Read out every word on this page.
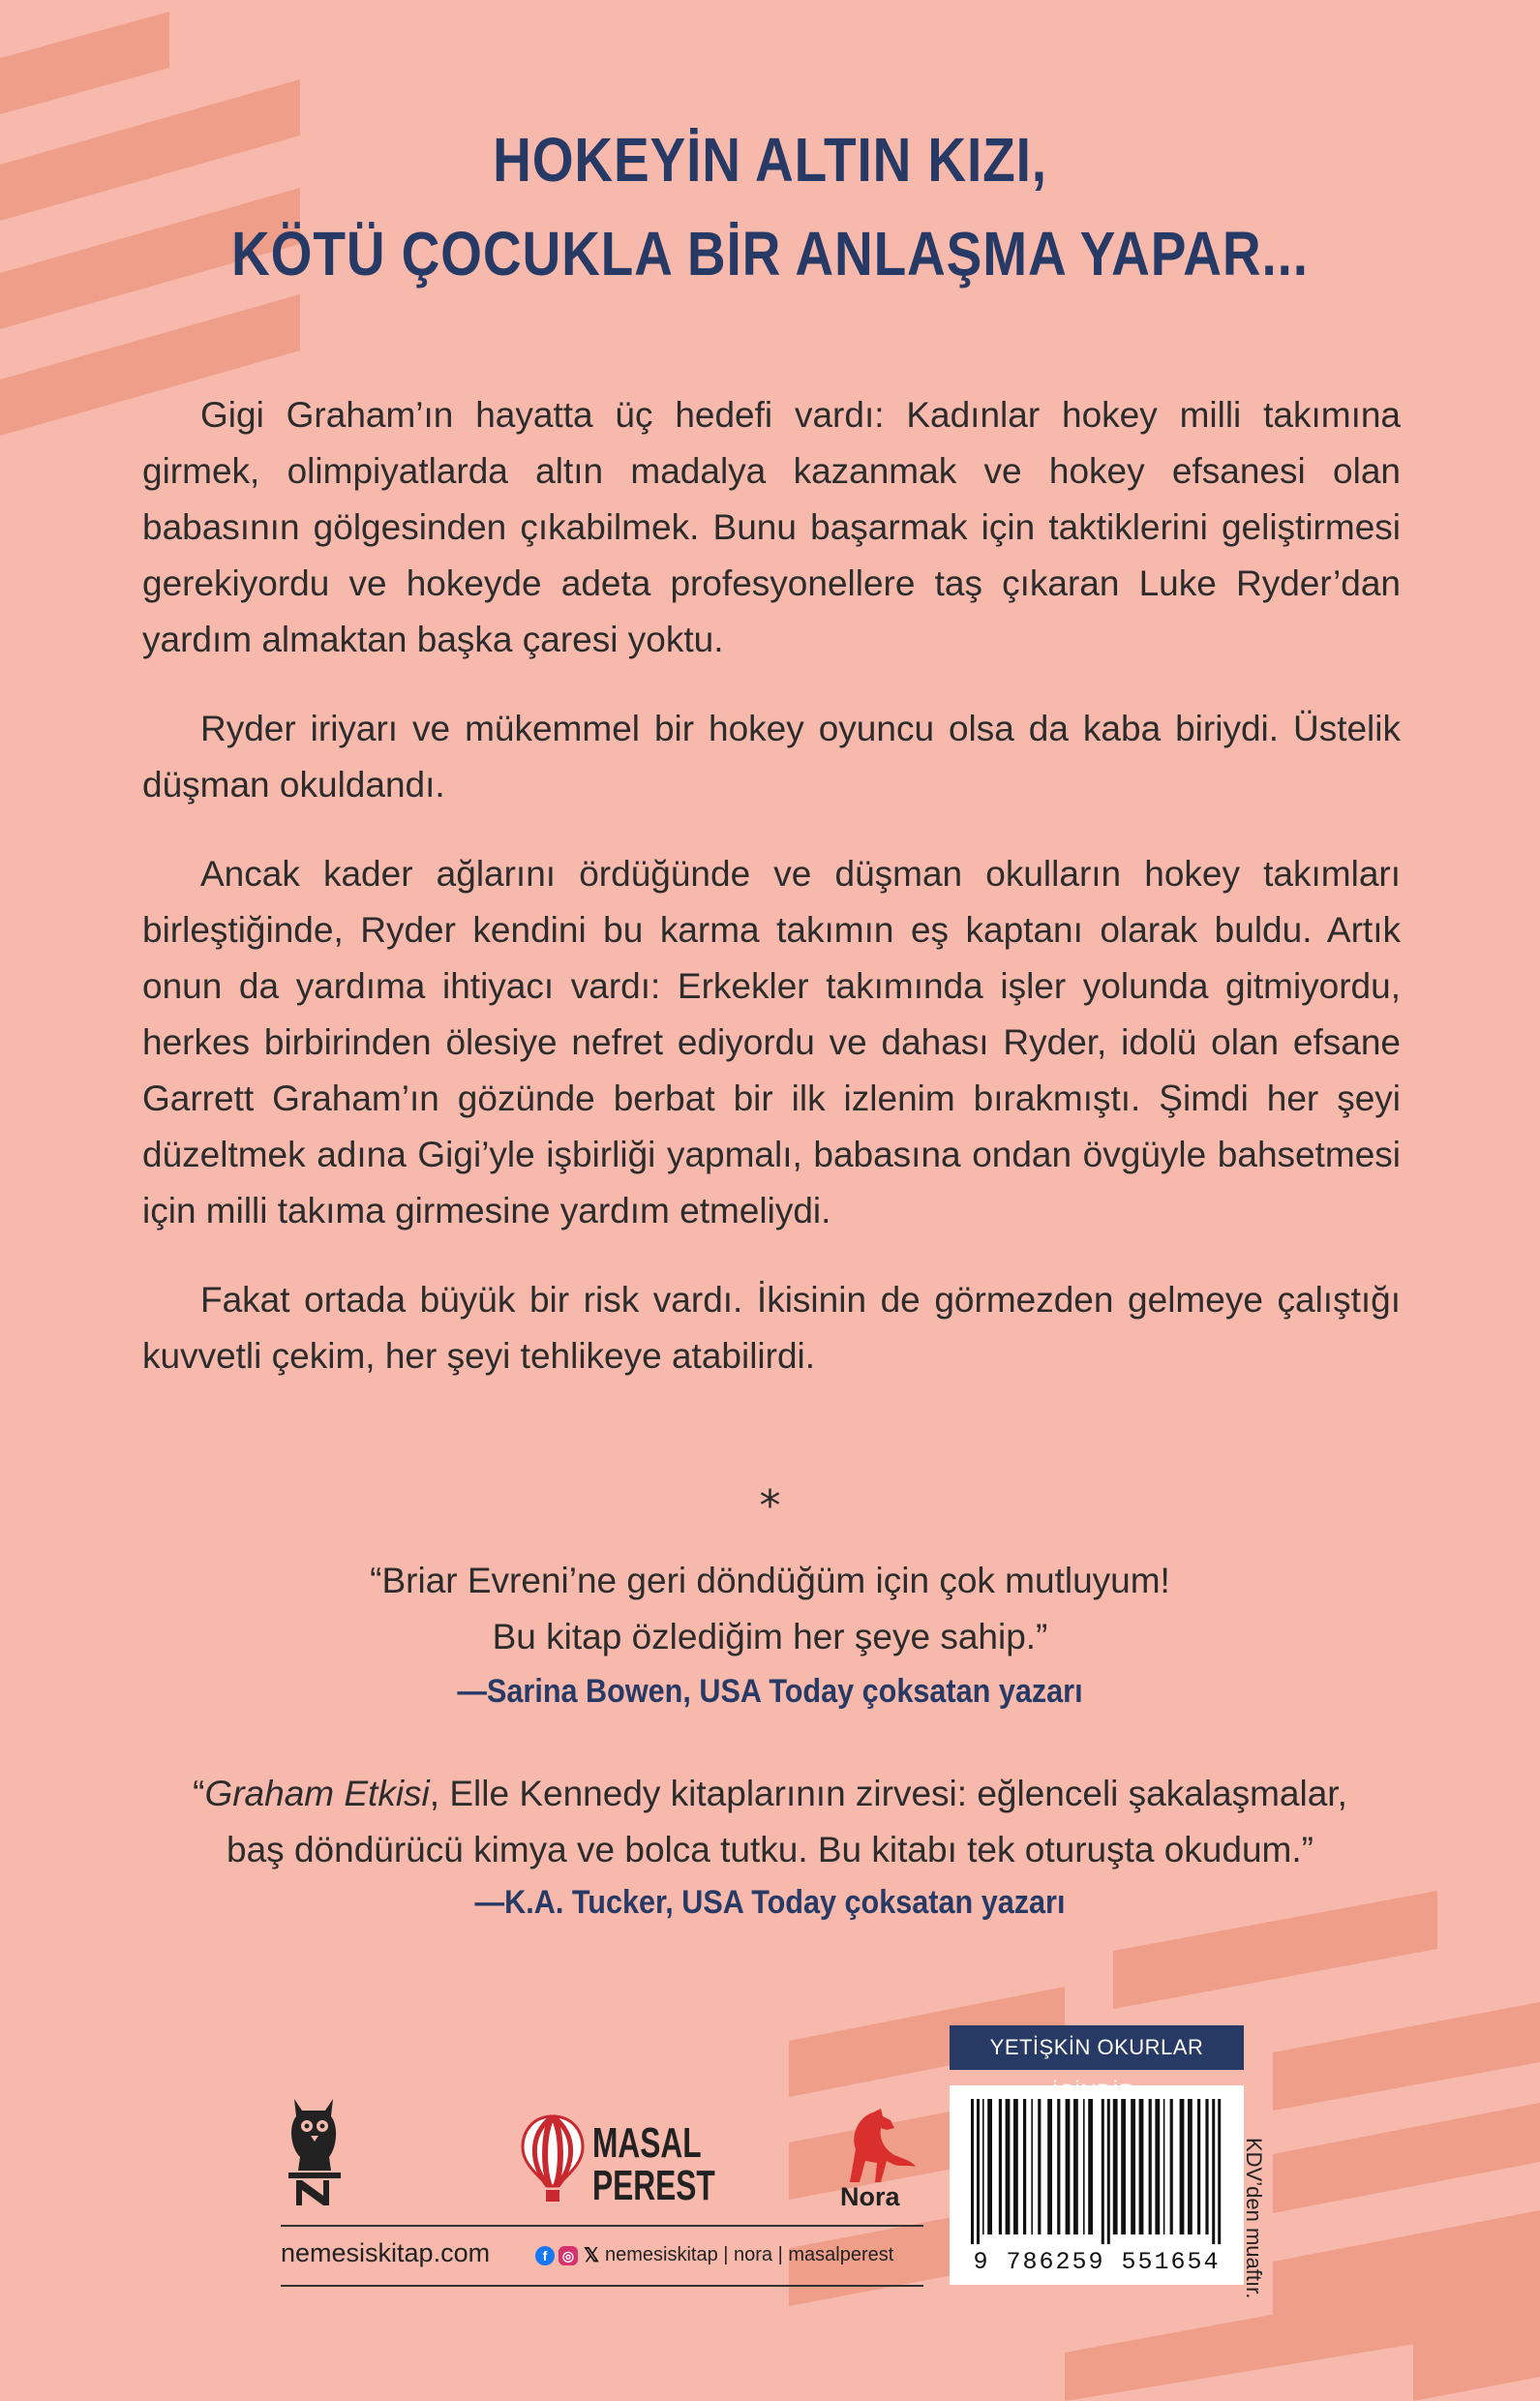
HOKEYİN ALTIN KIZI,
KÖTÜ ÇOCUKLA BİR ANLAŞMA YAPAR...

Gigi Graham’ın hayatta üç hedefi vardı: Kadınlar hokey milli takımına girmek, olimpiyatlarda altın madalya kazanmak ve hokey efsanesi olan babasının gölgesinden çıkabilmek. Bunu başarmak için taktiklerini geliştirmesi gerekiyordu ve hokeyde adeta profesyonellere taş çıkaran Luke Ryder’dan yardım almaktan başka çaresi yoktu.

Ryder iriyarı ve mükemmel bir hokey oyuncu olsa da kaba biriydi. Üstelik düşman okuldandı.

Ancak kader ağlarını ördüğünde ve düşman okulların hokey takımları birleştiğinde, Ryder kendini bu karma takımın eş kaptanı olarak buldu. Artık onun da yardıma ihtiyacı vardı: Erkekler takımında işler yolunda gitmiyordu, herkes birbirinden ölesiye nefret ediyordu ve dahası Ryder, idolü olan efsane Garrett Graham’ın gözünde berbat bir ilk izlenim bırakmıştı. Şimdi her şeyi düzeltmek adına Gigi’yle işbirliği yapmalı, babasına ondan övgüyle bahsetmesi için milli takıma girmesine yardım etmeliydi.

Fakat ortada büyük bir risk vardı. İkisinin de görmezden gelmeye çalıştığı kuvvetli çekim, her şeyi tehlikeye atabilirdi.

*

“Briar Evreni’ne geri döndüğüm için çok mutluyum!

Bu kitap özlediğim her şeye sahip.”

—Sarina Bowen, USA Today çoksatan yazarı

“Graham Etkisi, Elle Kennedy kitaplarının zirvesi: eğlenceli şakalaşmalar,

baş döndürücü kimya ve bolca tutku. Bu kitabı tek oturuşta okudum.”

—K.A. Tucker, USA Today çoksatan yazarı

MASAL
PEREST	Nora
nemesiskitap.com	f	◎ 𝕏 nemesiskitap | nora | masalperest
YETİŞKİN OKURLAR
9 786259 551654	KDV’den muaftır.
